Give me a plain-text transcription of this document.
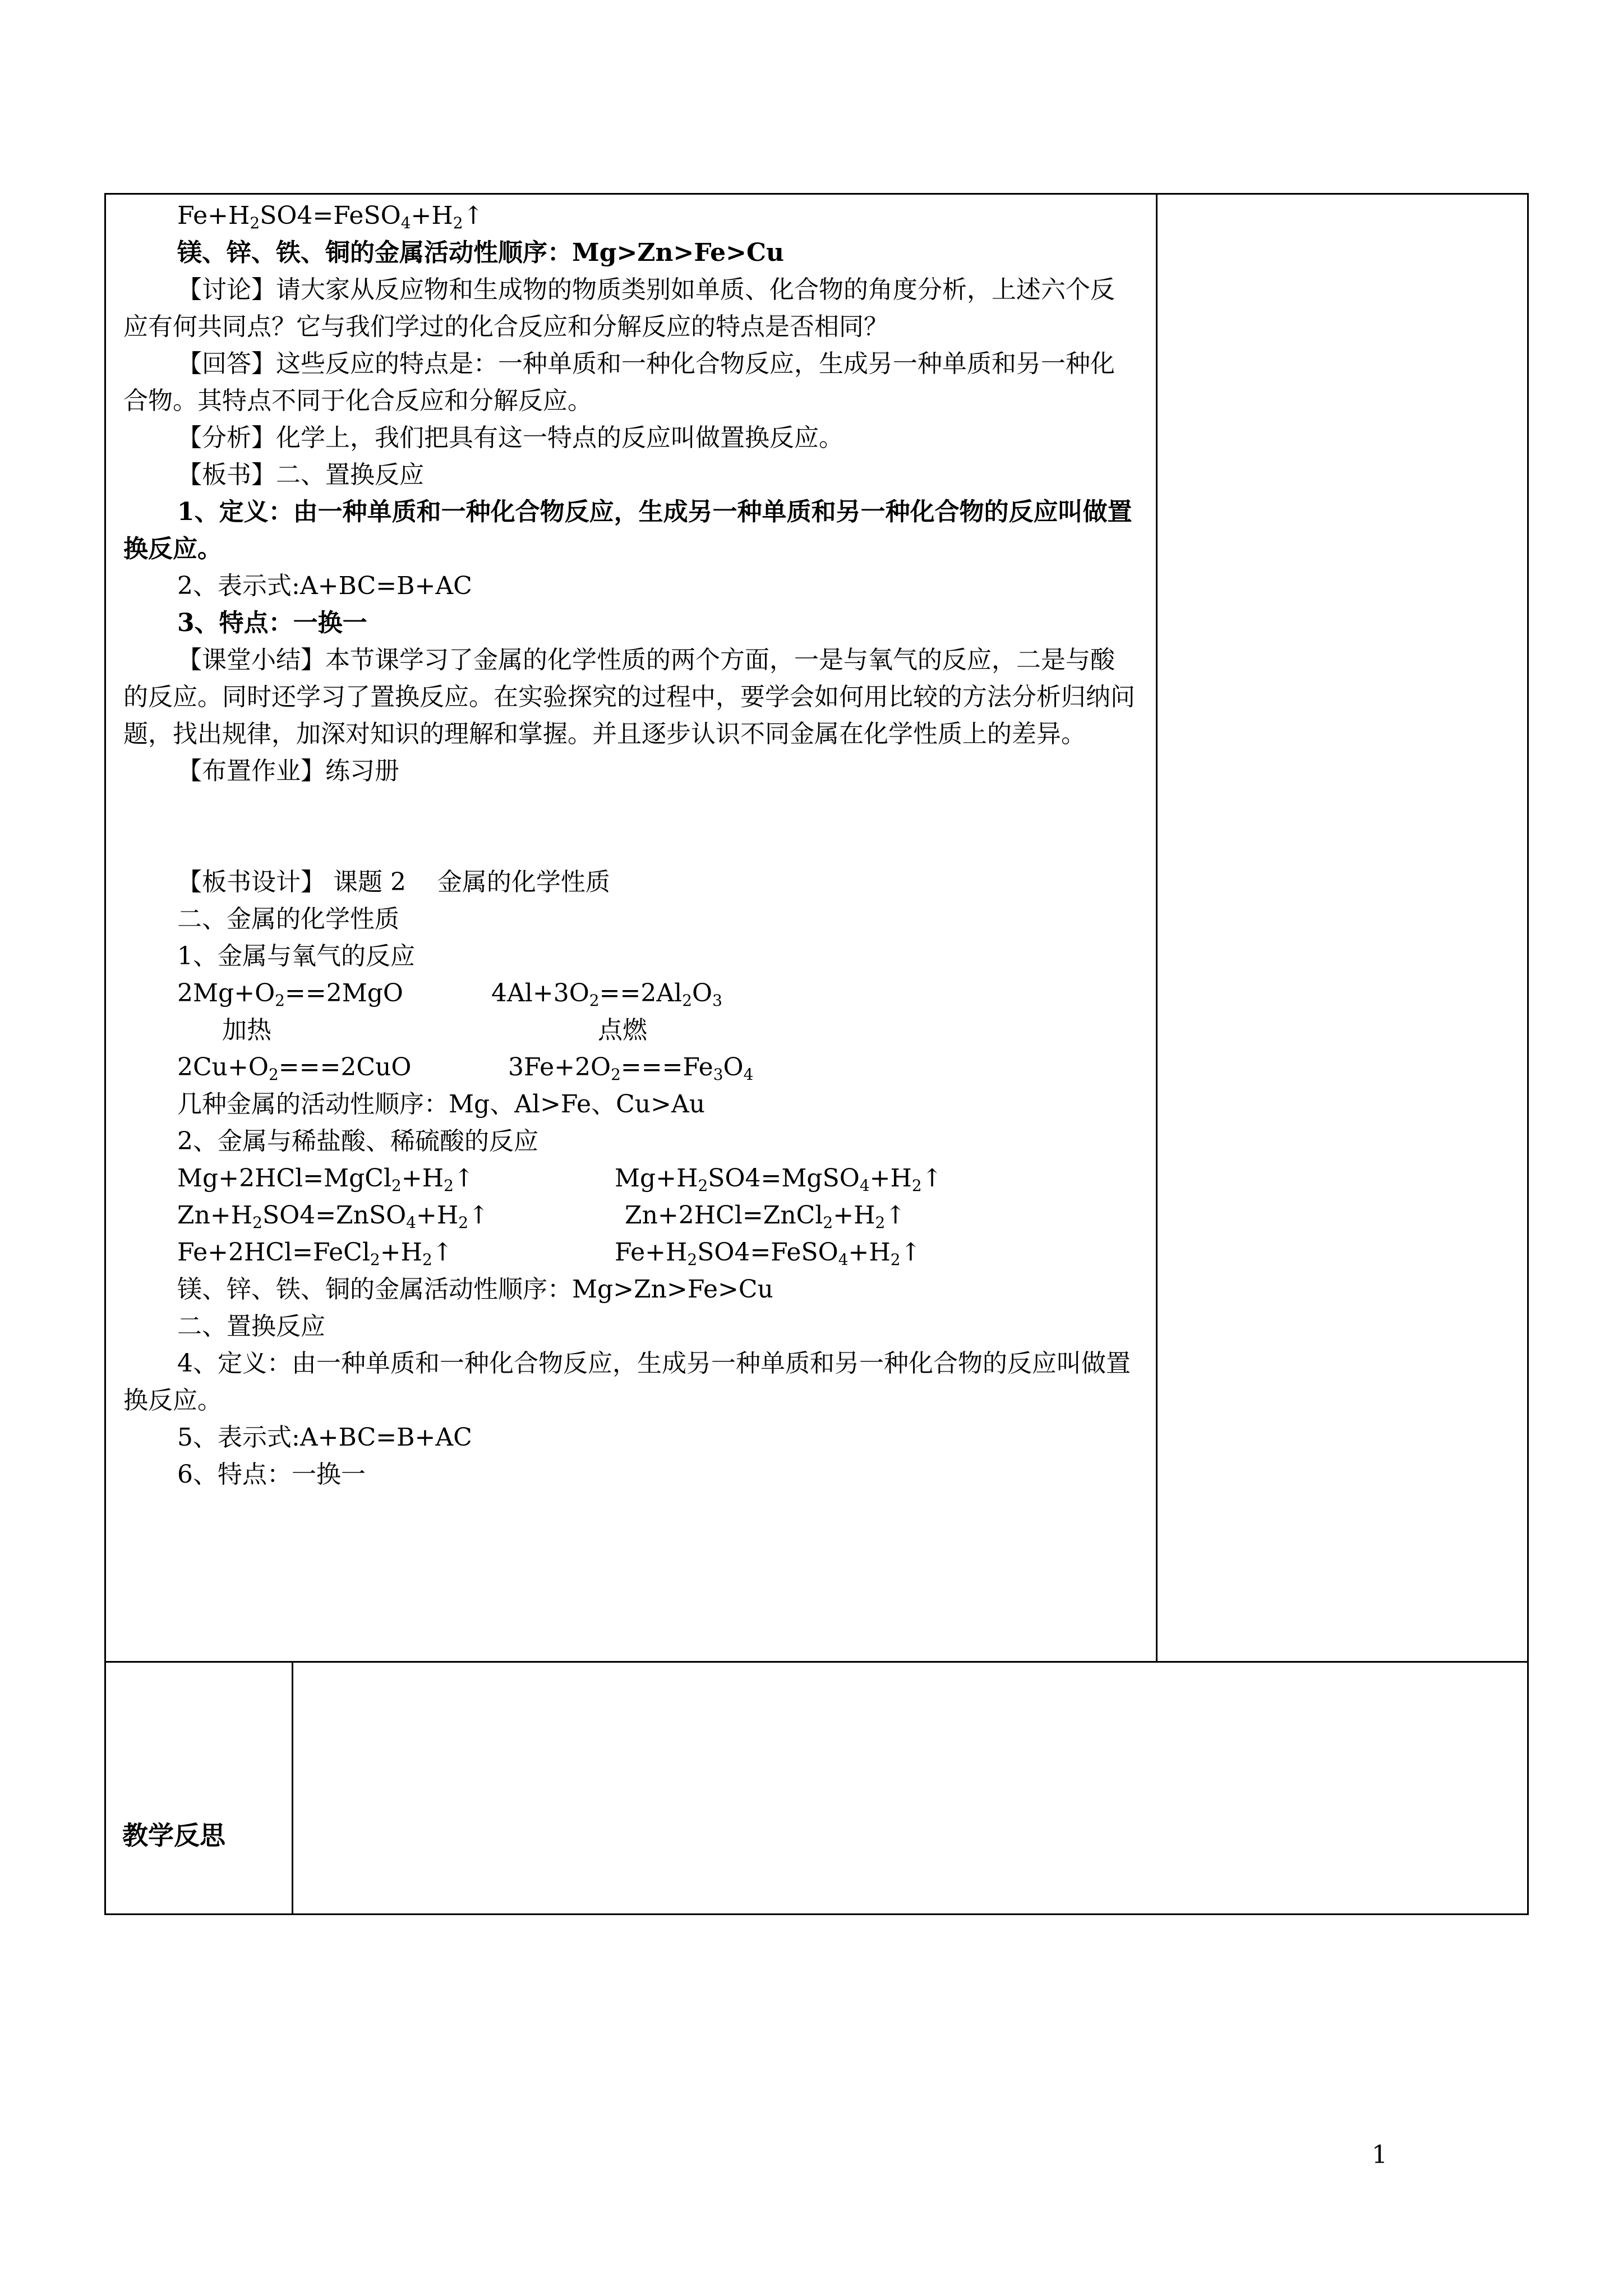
$Fe+H_2SO4=FeSO_4+H_2↑$
镁、锌、铁、铜的金属活动性顺序：Mg>Zn>Fe>Cu
【讨论】请大家从反应物和生成物的物质类别如单质、化合物的角度分析，上述六个反应有何共同点？它与我们学过的化合反应和分解反应的特点是否相同？
【回答】这些反应的特点是：一种单质和一种化合物反应，生成另一种单质和另一种化合物。其特点不同于化合反应和分解反应。
【分析】化学上，我们把具有这一特点的反应叫做置换反应。
【板书】二、置换反应
1、定义：由一种单质和一种化合物反应，生成另一种单质和另一种化合物的反应叫做置换反应。
2、表示式:A+BC=B+AC
3、特点：一换一
【课堂小结】本节课学习了金属的化学性质的两个方面，一是与氧气的反应，二是与酸的反应。同时还学习了置换反应。在实验探究的过程中，要学会如何用比较的方法分析归纳问题，找出规律，加深对知识的理解和掌握。并且逐步认识不同金属在化学性质上的差异。
【布置作业】练习册
【板书设计】 课题 2    金属的化学性质
二、金属的化学性质
1、金属与氧气的反应
$2Mg+O_2==2MgO$	$4Al+3O_2==2Al_2O_3$
加热	点燃
$2Cu+O_2===2CuO$	$3Fe+2O_2===Fe_3O_4$
几种金属的活动性顺序：Mg、Al>Fe、Cu>Au
2、金属与稀盐酸、稀硫酸的反应
$Mg+2HCl=MgCl_2+H_2↑$	$Mg+H_2SO4=MgSO_4+H_2↑$
$Zn+H_2SO4=ZnSO_4+H_2↑$	$Zn+2HCl=ZnCl_2+H_2↑$
$Fe+2HCl=FeCl_2+H_2↑$	$Fe+H_2SO4=FeSO_4+H_2↑$
镁、锌、铁、铜的金属活动性顺序：Mg>Zn>Fe>Cu
二、置换反应
4、定义：由一种单质和一种化合物反应，生成另一种单质和另一种化合物的反应叫做置换反应。
5、表示式:A+BC=B+AC
6、特点：一换一
教学反思
1
